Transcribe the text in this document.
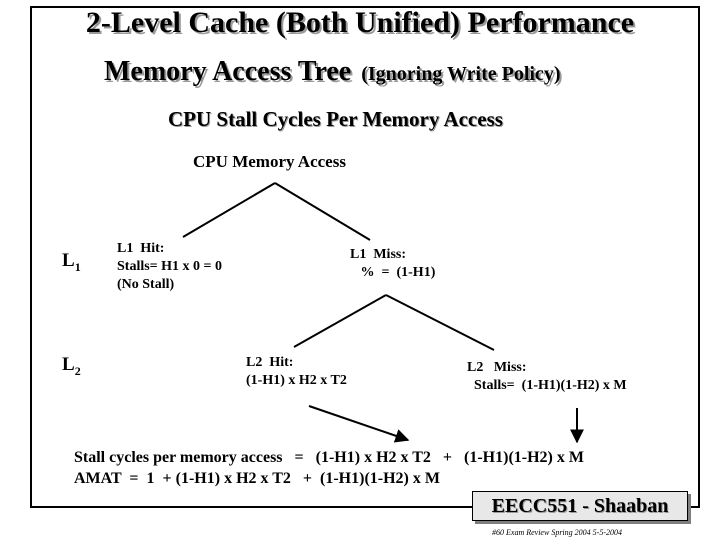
2-Level Cache (Both Unified) Performance
Memory Access Tree (Ignoring Write Policy)
CPU Stall Cycles Per Memory Access
CPU Memory Access
$L_1$
$L_2$
L1  Hit:
Stalls= H1 x 0 = 0
(No Stall)
L1  Miss:
%  =  (1-H1)
L2  Hit:
(1-H1) x H2 x T2
L2   Miss:
Stalls=  (1-H1)(1-H2) x M
Stall cycles per memory access   =   (1-H1) x H2 x T2   +   (1-H1)(1-H2) x M
AMAT  =  1  + (1-H1) x H2 x T2   +  (1-H1)(1-H2) x M
EECC551 - Shaaban
#60 Exam Review Spring 2004 5-5-2004
